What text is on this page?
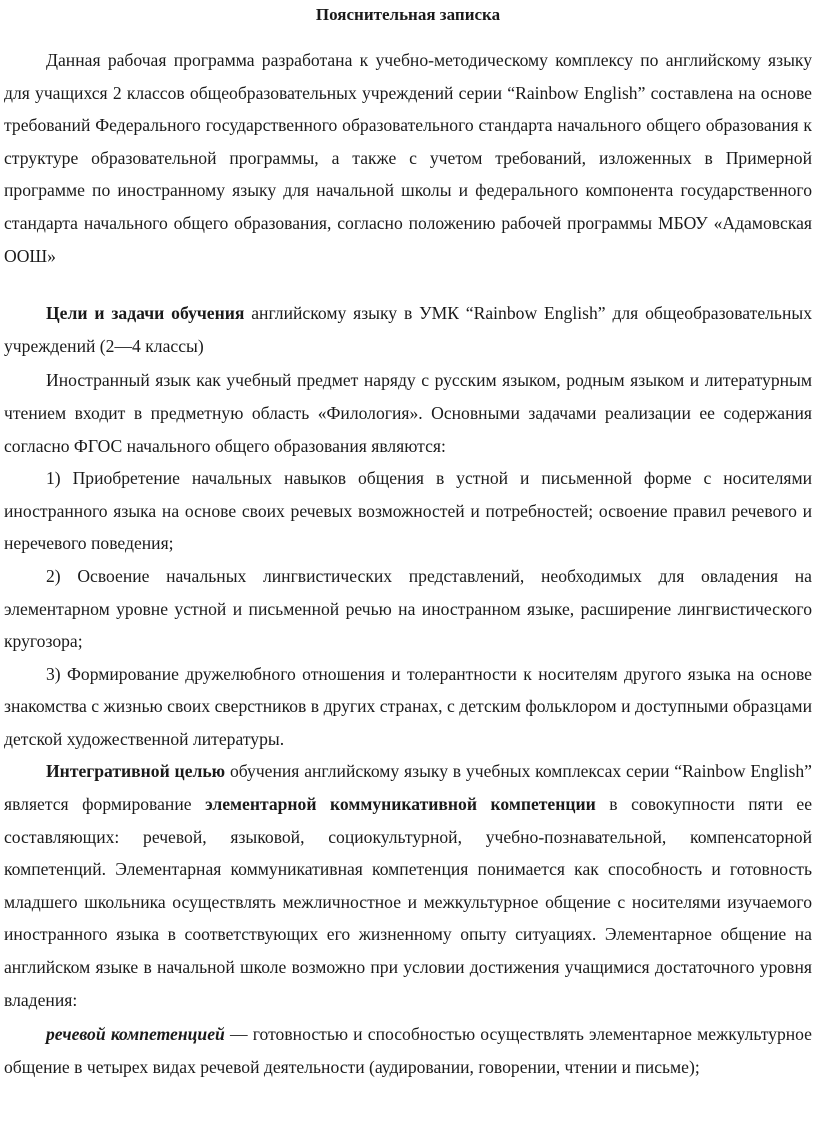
Пояснительная записка

Данная рабочая программа разработана к учебно-методическому комплексу по английскому языку для учащихся 2 классов общеобразовательных учреждений серии “Rainbow English” составлена на основе требований Федерального государственного образовательного стандарта начального общего образования к структуре образовательной программы, а также с учетом требований, изложенных в Примерной программе по иностранному языку для начальной школы и федерального компонента государственного стандарта начального общего образования, согласно положению рабочей программы МБОУ «Адамовская ООШ»

Цели и задачи обучения английскому языку в УМК “Rainbow English” для общеобразовательных учреждений (2—4 классы)

Иностранный язык как учебный предмет наряду с русским языком, родным языком и литературным чтением входит в предметную область «Филология». Основными задачами реализации ее содержания согласно ФГОС начального общего образования являются:

1) Приобретение начальных навыков общения в устной и письменной форме с носителями иностранного языка на основе своих речевых возможностей и потребностей; освоение правил речевого и неречевого поведения;

2) Освоение начальных лингвистических представлений, необходимых для овладения на элементарном уровне устной и письменной речью на иностранном языке, расширение лингвистического кругозора;

3) Формирование дружелюбного отношения и толерантности к носителям другого языка на основе знакомства с жизнью своих сверстников в других странах, с детским фольклором и доступными образцами детской художественной литературы.

Интегративной целью обучения английскому языку в учебных комплексах серии “Rainbow English” является формирование элементарной коммуникативной компетенции в совокупности пяти ее составляющих: речевой, языковой, социокультурной, учебно-познавательной, компенсаторной компетенций. Элементарная коммуникативная компетенция понимается как способность и готовность младшего школьника осуществлять межличностное и межкультурное общение с носителями изучаемого иностранного языка в соответствующих его жизненному опыту ситуациях. Элементарное общение на английском языке в начальной школе возможно при условии достижения учащимися достаточного уровня владения:

речевой компетенцией — готовностью и способностью осуществлять элементарное межкультурное общение в четырех видах речевой деятельности (аудировании, говорении, чтении и письме);
